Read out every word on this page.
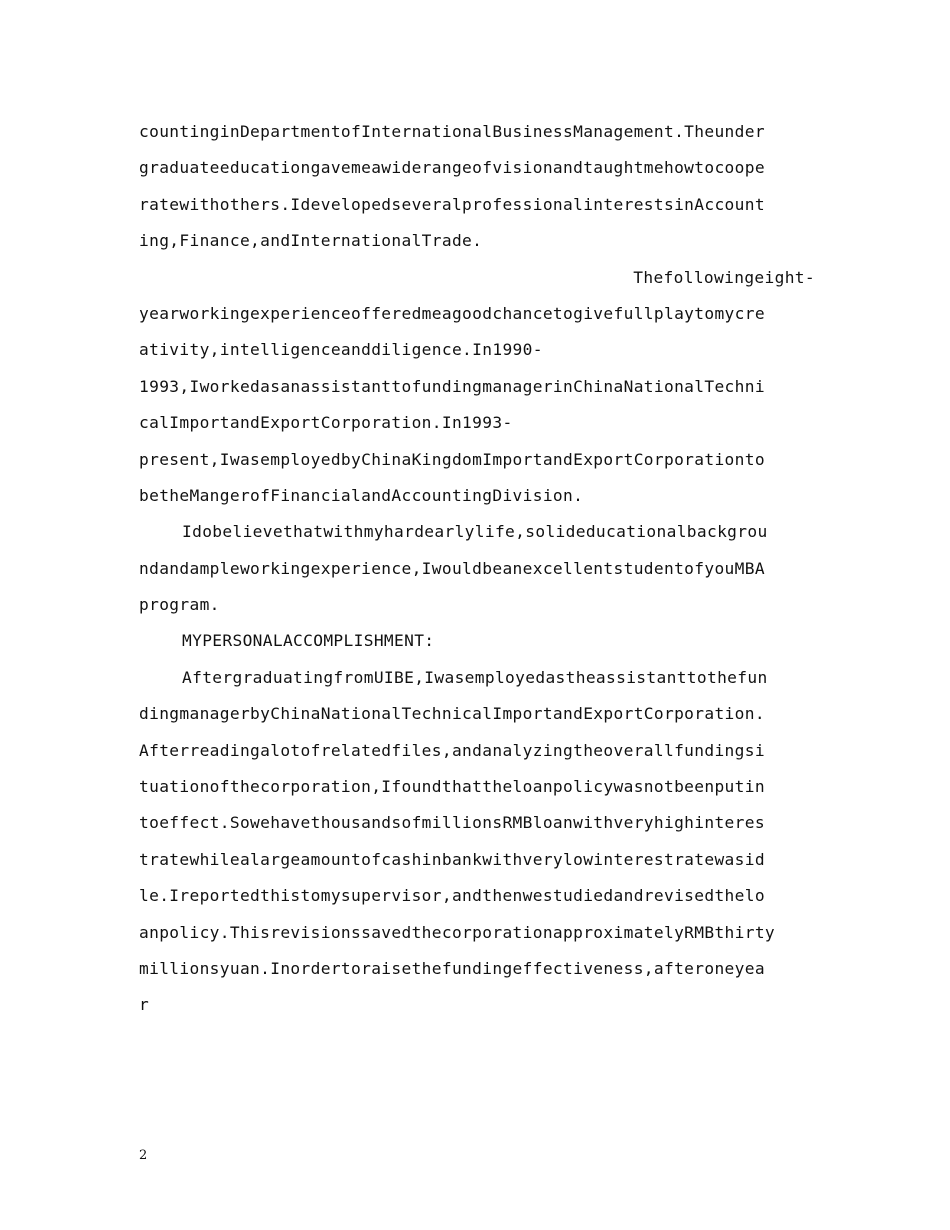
countinginDepartmentofInternationalBusinessManagement.Theunder
graduateeducationgavemeawiderangeofvisionandtaughtmehowtocoope
ratewithothers.IdevelopedseveralprofessionalinterestsinAccount
ing,Finance,andInternationalTrade.
Thefollowingeight-
yearworkingexperienceofferedmeagoodchancetogivefullplaytomycre
ativity,intelligenceanddiligence.In1990-
1993,IworkedasanassistanttofundingmanagerinChinaNationalTechni
calImportandExportCorporation.In1993-
present,IwasemployedbyChinaKingdomImportandExportCorporationto
betheMangerofFinancialandAccountingDivision.
Idobelievethatwithmyhardearlylife,solideducationalbackgrou
ndandampleworkingexperience,IwouldbeanexcellentstudentofyouMBA
program.
MYPERSONALACCOMPLISHMENT:
AftergraduatingfromUIBE,Iwasemployedastheassistanttothefun
dingmanagerbyChinaNationalTechnicalImportandExportCorporation.
Afterreadingalotofrelatedfiles,andanalyzingtheoverallfundingsi
tuationofthecorporation,Ifoundthattheloanpolicywasnotbeenputin
toeffect.SowehavethousandsofmillionsRMBloanwithveryhighinteres
tratewhilealargeamountofcashinbankwithverylowinterestratewasid
le.Ireportedthistomysupervisor,andthenwestudiedandrevisedthelo
anpolicy.ThisrevisionssavedthecorporationapproximatelyRMBthirty
millionsyuan.Inordertoraisethefundingeffectiveness,afteroneyea
r
2
